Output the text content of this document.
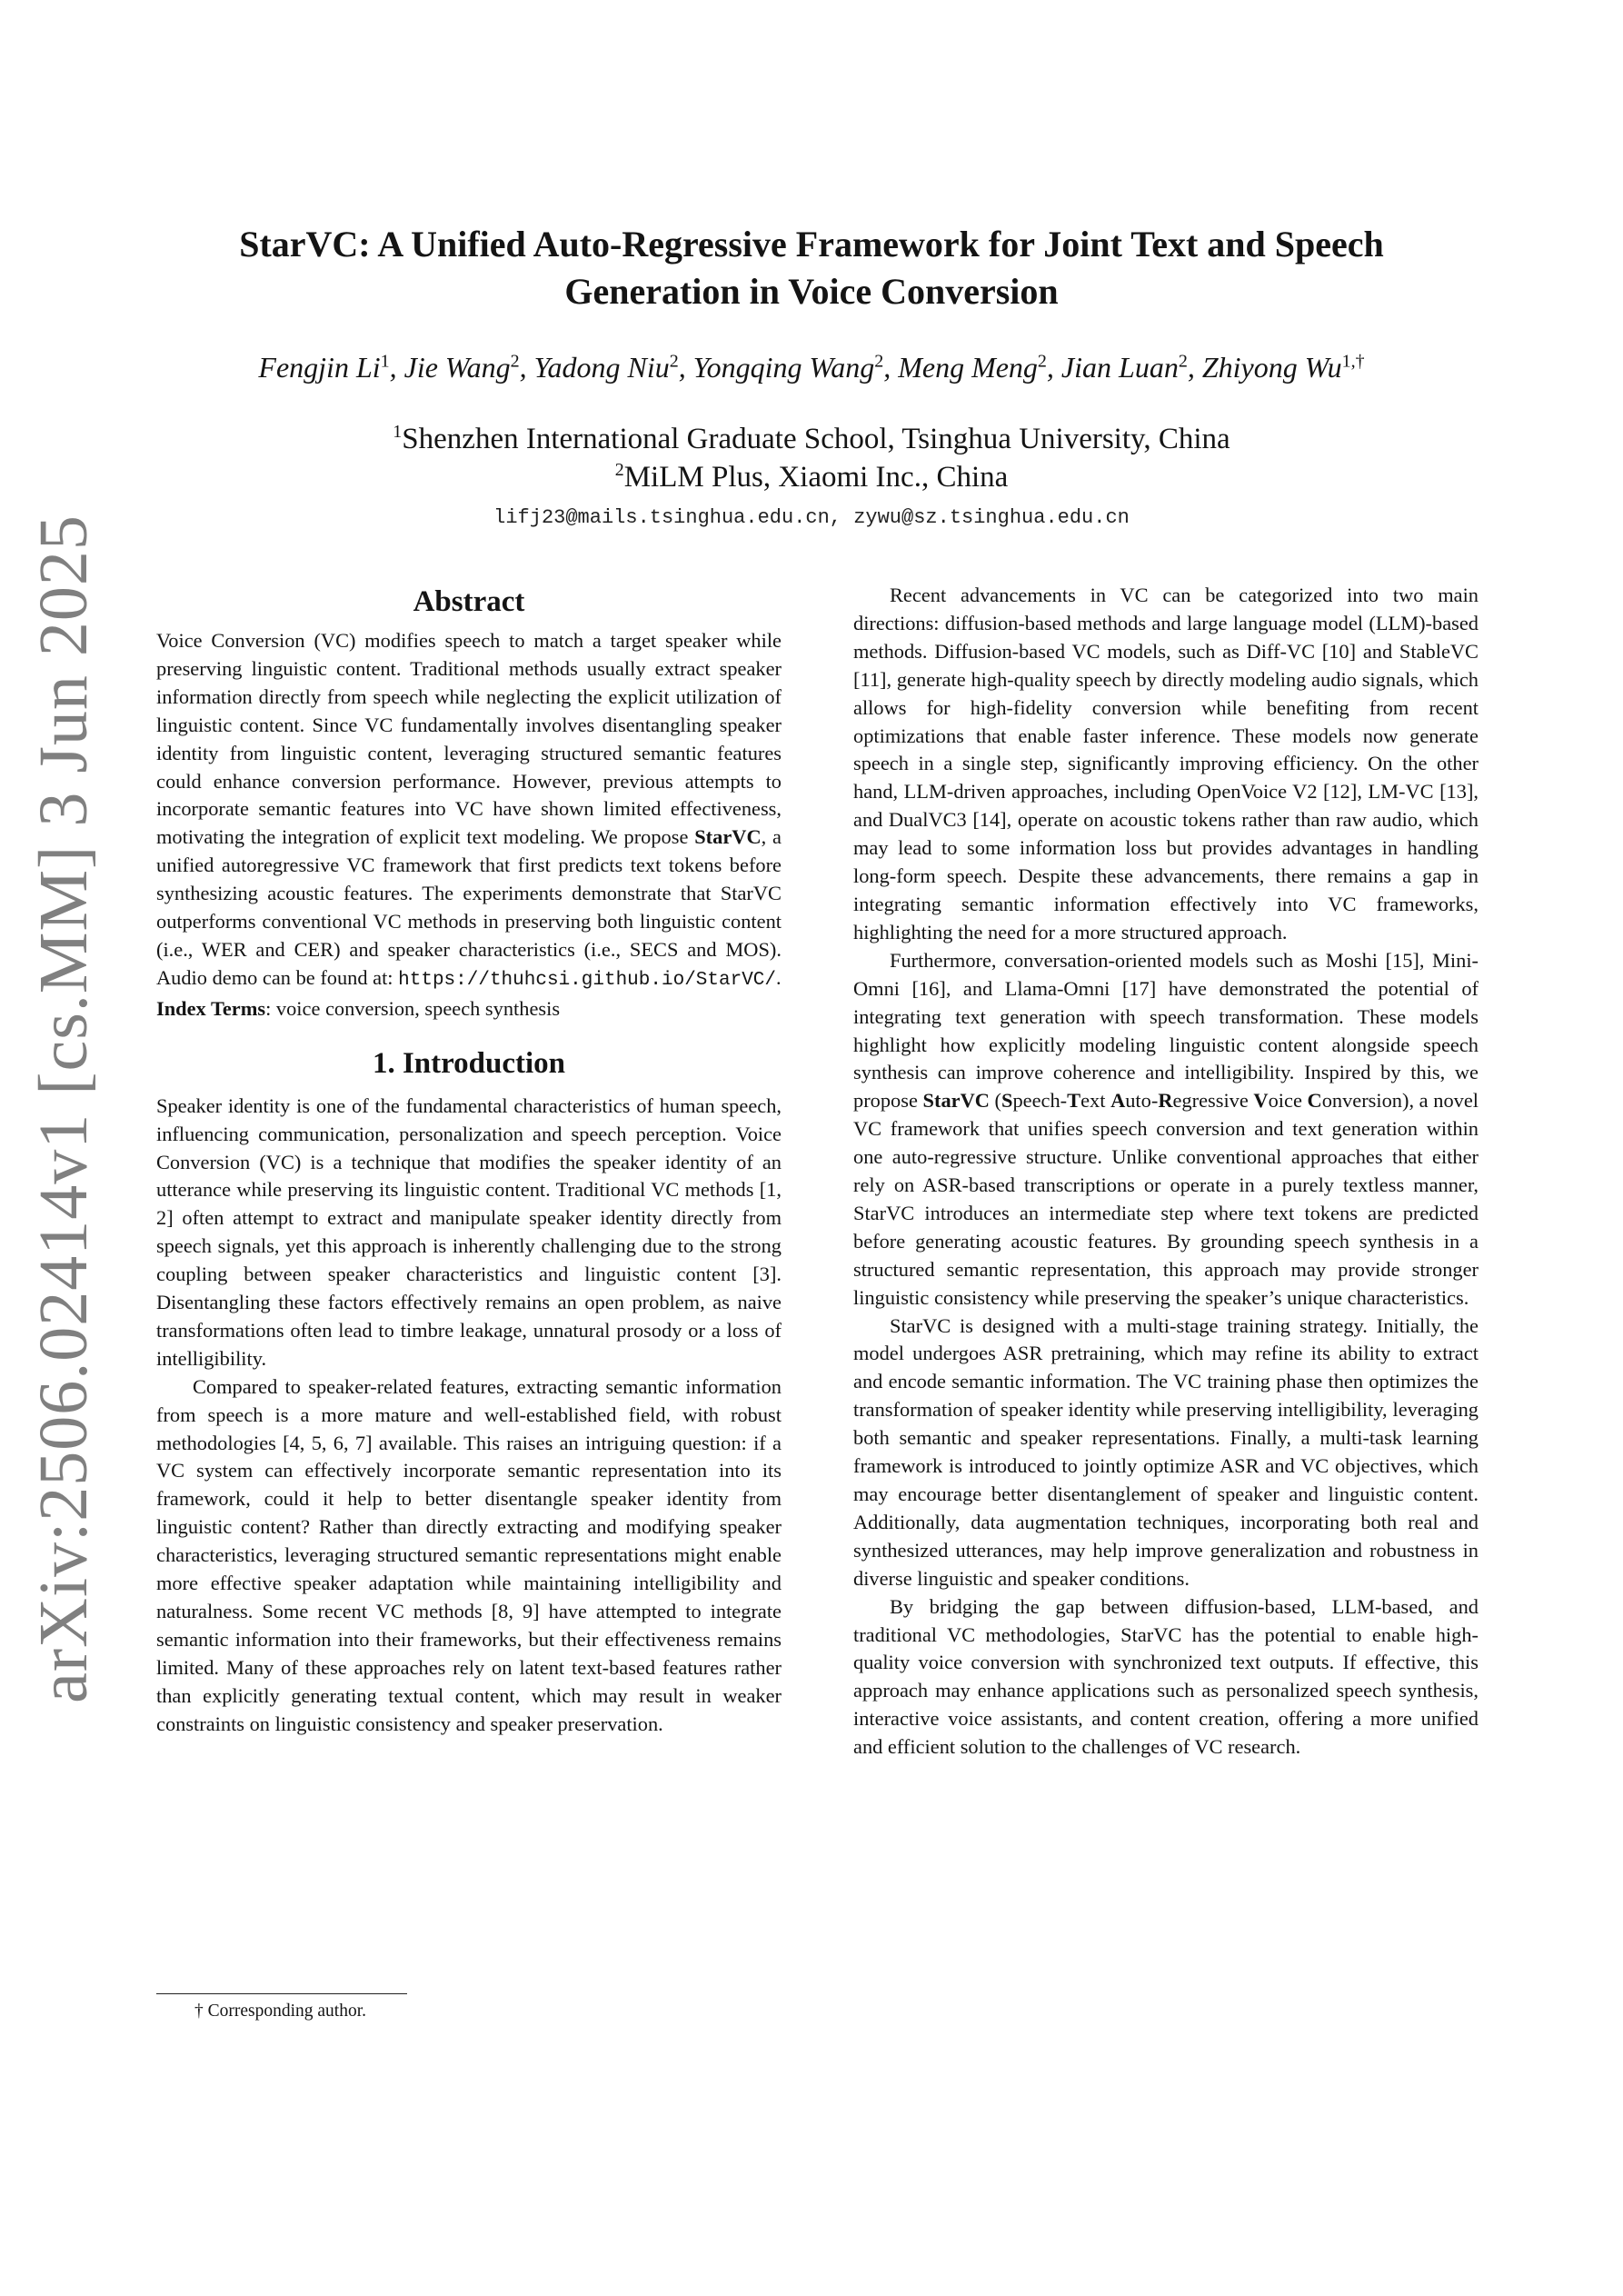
arXiv:2506.02414v1 [cs.MM] 3 Jun 2025
StarVC: A Unified Auto-Regressive Framework for Joint Text and Speech
Generation in Voice Conversion
Fengjin Li$^1$, Jie Wang$^2$, Yadong Niu$^2$, Yongqing Wang$^2$, Meng Meng$^2$, Jian Luan$^2$, Zhiyong $Wu^{1,\dagger}$
$^1$Shenzhen International Graduate School, Tsinghua University, China
$^2$MiLM Plus, Xiaomi Inc., China
lifj23@mails.tsinghua.edu.cn, zywu@sz.tsinghua.edu.cn
Abstract

Voice Conversion (VC) modifies speech to match a target speaker while preserving linguistic content. Traditional methods usually extract speaker information directly from speech while neglecting the explicit utilization of linguistic content. Since VC fundamentally involves disentangling speaker identity from linguistic content, leveraging structured semantic features could enhance conversion performance. However, previous attempts to incorporate semantic features into VC have shown limited effectiveness, motivating the integration of explicit text modeling. We propose StarVC, a unified autoregressive VC framework that first predicts text tokens before synthesizing acoustic features. The experiments demonstrate that StarVC outperforms conventional VC methods in preserving both linguistic content (i.e., WER and CER) and speaker characteristics (i.e., SECS and MOS). Audio demo can be found at: https://thuhcsi.github.io/StarVC/.

Index Terms: voice conversion, speech synthesis

1. Introduction

Speaker identity is one of the fundamental characteristics of human speech, influencing communication, personalization and speech perception. Voice Conversion (VC) is a technique that modifies the speaker identity of an utterance while preserving its linguistic content. Traditional VC methods [1, 2] often attempt to extract and manipulate speaker identity directly from speech signals, yet this approach is inherently challenging due to the strong coupling between speaker characteristics and linguistic content [3]. Disentangling these factors effectively remains an open problem, as naive transformations often lead to timbre leakage, unnatural prosody or a loss of intelligibility.

Compared to speaker-related features, extracting semantic information from speech is a more mature and well-established field, with robust methodologies [4, 5, 6, 7] available. This raises an intriguing question: if a VC system can effectively incorporate semantic representation into its framework, could it help to better disentangle speaker identity from linguistic content? Rather than directly extracting and modifying speaker characteristics, leveraging structured semantic representations might enable more effective speaker adaptation while maintaining intelligibility and naturalness. Some recent VC methods [8, 9] have attempted to integrate semantic information into their frameworks, but their effectiveness remains limited. Many of these approaches rely on latent text-based features rather than explicitly generating textual content, which may result in weaker constraints on linguistic consistency and speaker preservation.

† Corresponding author.

Recent advancements in VC can be categorized into two main directions: diffusion-based methods and large language model (LLM)-based methods. Diffusion-based VC models, such as Diff-VC [10] and StableVC [11], generate high-quality speech by directly modeling audio signals, which allows for high-fidelity conversion while benefiting from recent optimizations that enable faster inference. These models now generate speech in a single step, significantly improving efficiency. On the other hand, LLM-driven approaches, including OpenVoice V2 [12], LM-VC [13], and DualVC3 [14], operate on acoustic tokens rather than raw audio, which may lead to some information loss but provides advantages in handling long-form speech. Despite these advancements, there remains a gap in integrating semantic information effectively into VC frameworks, highlighting the need for a more structured approach.

Furthermore, conversation-oriented models such as Moshi [15], Mini-Omni [16], and Llama-Omni [17] have demonstrated the potential of integrating text generation with speech transformation. These models highlight how explicitly modeling linguistic content alongside speech synthesis can improve coherence and intelligibility. Inspired by this, we propose StarVC (Speech-Text Auto-Regressive Voice Conversion), a novel VC framework that unifies speech conversion and text generation within one auto-regressive structure. Unlike conventional approaches that either rely on ASR-based transcriptions or operate in a purely textless manner, StarVC introduces an intermediate step where text tokens are predicted before generating acoustic features. By grounding speech synthesis in a structured semantic representation, this approach may provide stronger linguistic consistency while preserving the speaker’s unique characteristics.

StarVC is designed with a multi-stage training strategy. Initially, the model undergoes ASR pretraining, which may refine its ability to extract and encode semantic information. The VC training phase then optimizes the transformation of speaker identity while preserving intelligibility, leveraging both semantic and speaker representations. Finally, a multi-task learning framework is introduced to jointly optimize ASR and VC objectives, which may encourage better disentanglement of speaker and linguistic content. Additionally, data augmentation techniques, incorporating both real and synthesized utterances, may help improve generalization and robustness in diverse linguistic and speaker conditions.

By bridging the gap between diffusion-based, LLM-based, and traditional VC methodologies, StarVC has the potential to enable high-quality voice conversion with synchronized text outputs. If effective, this approach may enhance applications such as personalized speech synthesis, interactive voice assistants, and content creation, offering a more unified and efficient solution to the challenges of VC research.
